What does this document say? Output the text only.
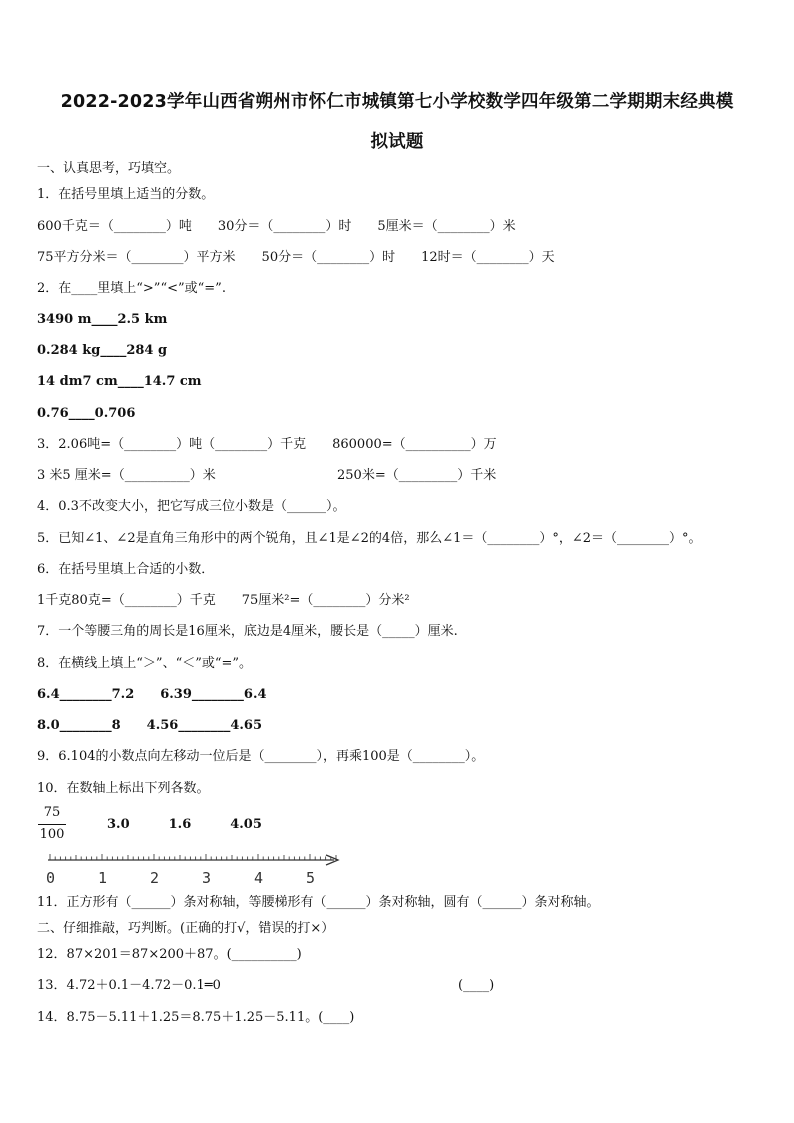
2022-2023学年山西省朔州市怀仁市城镇第七小学校数学四年级第二学期期末经典模
拟试题
一、认真思考，巧填空。
1．在括号里填上适当的分数。
600千克＝（________）吨　　30分＝（________）时　　5厘米＝（________）米
75平方分米＝（________）平方米　　50分＝（________）时　　12时＝（________）天
2．在____里填上“>”“<”或“=”.
3490 m____2.5 km
0.284 kg____284 g
14 dm7 cm____14.7 cm
0.76____0.706
3．2.06吨=（________）吨（________）千克　　860000=（__________）万
3 米5 厘米=（__________）米	250米=（_________）千米
4．0.3不改变大小，把它写成三位小数是（______）。
5．已知∠1、∠2是直角三角形中的两个锐角，且∠1是∠2的4倍，那么∠1＝（________）°，∠2＝（________）°。
6．在括号里填上合适的小数．
1千克80克=（________）千克　　75厘米²=（________）分米²
7．一个等腰三角的周长是16厘米，底边是4厘米，腰长是（_____）厘米.
8．在横线上填上“＞”、“＜”或“=”。
6.4________7.2　　6.39________6.4
8.0________8　　4.56________4.65
9．6.104的小数点向左移动一位后是（________），再乘100是（________）。
10．在数轴上标出下列各数。
75
100
3.0　　　1.6　　　4.05
0	1	2	3	4	5
11．正方形有（______）条对称轴，等腰梯形有（______）条对称轴，圆有（______）条对称轴。
二、仔细推敲，巧判断。(正确的打√，错误的打×）
12．87×201＝87×200＋87。(__________)
13．4.72＋0.1－4.72－0.1═0	(____)
14．8.75－5.11＋1.25＝8.75＋1.25－5.11。(____)
